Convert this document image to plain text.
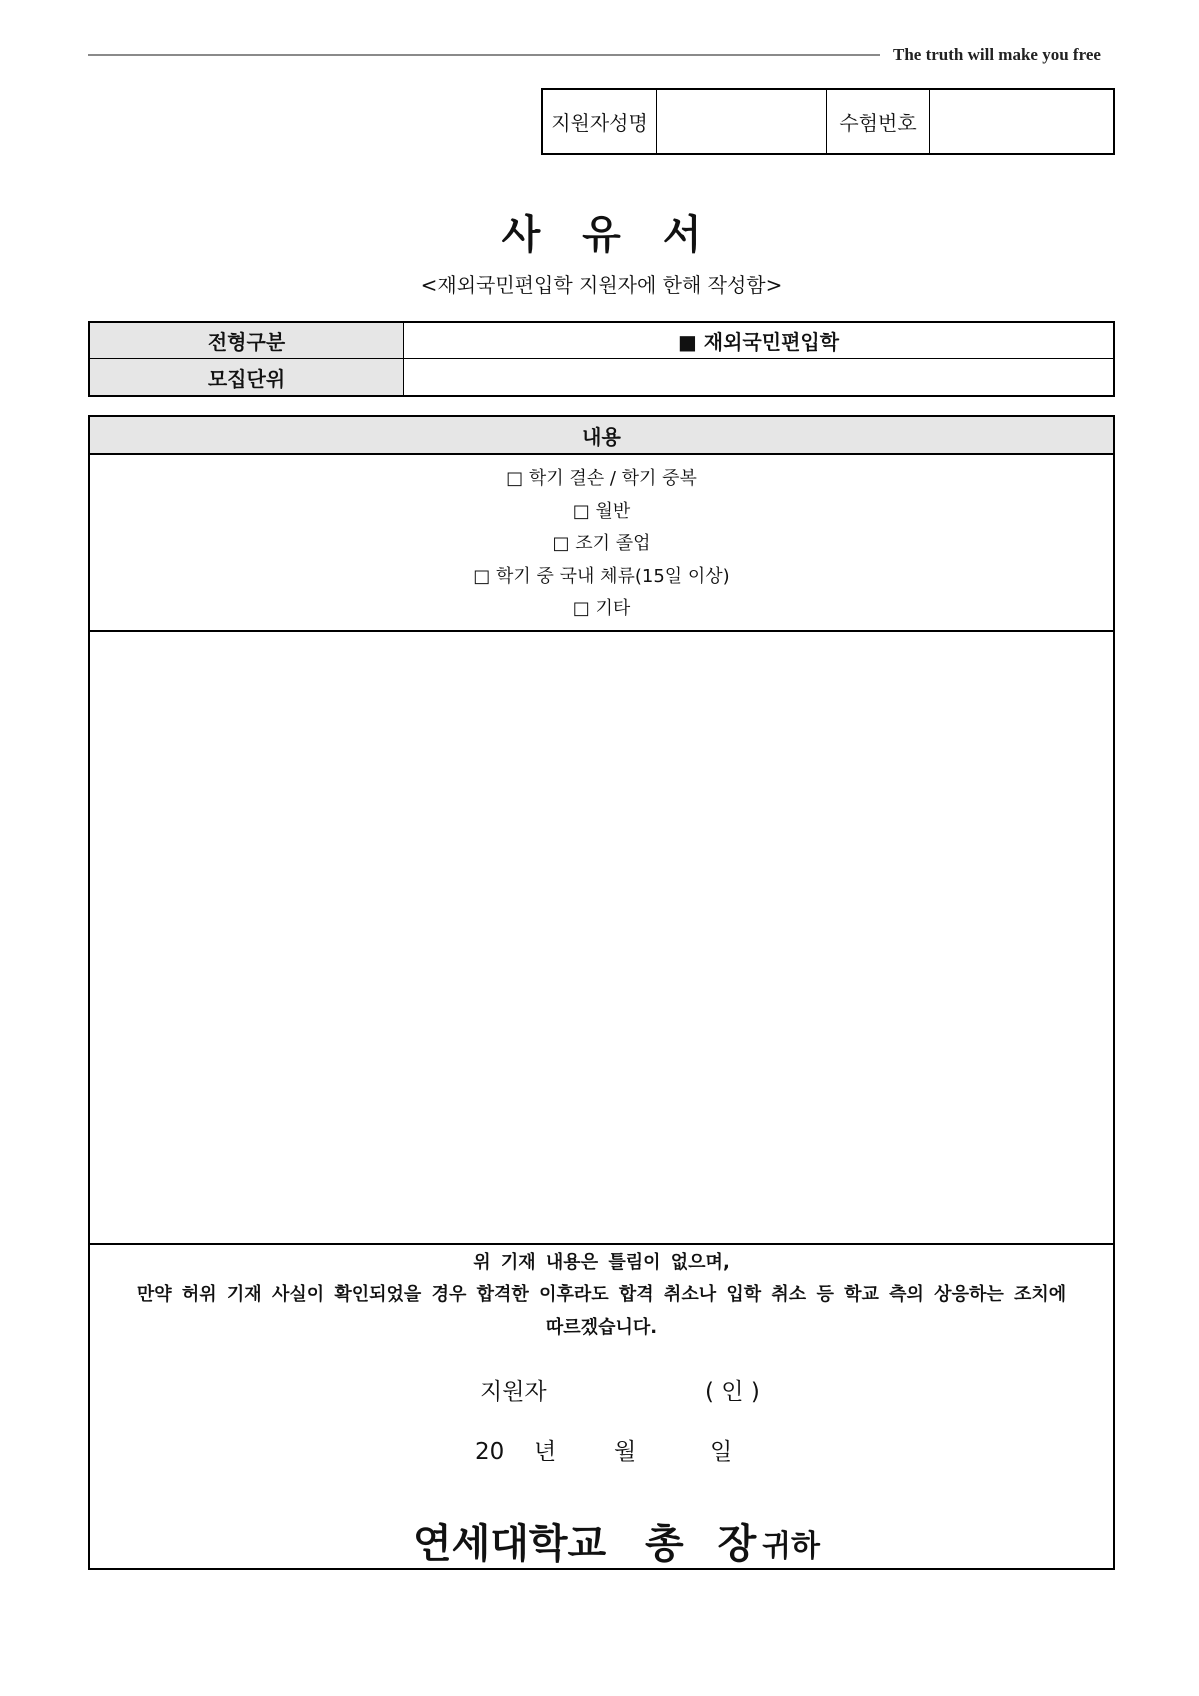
The truth will make you free
지원자성명	수험번호
사 유 서
<재외국민편입학 지원자에 한해 작성함>
전형구분	■ 재외국민편입학
모집단위
내용
□ 학기 결손 / 학기 중복
□ 월반
□ 조기 졸업
□ 학기 중 국내 체류(15일 이상)
□ 기타
위 기재 내용은 틀림이 없으며,
만약 허위 기재 사실이 확인되었을 경우 합격한 이후라도 합격 취소나 입학 취소 등 학교 측의 상응하는 조치에
따르겠습니다.
지원자	( 인 )
20 년	월	일
연세대학교 총 장
귀하
